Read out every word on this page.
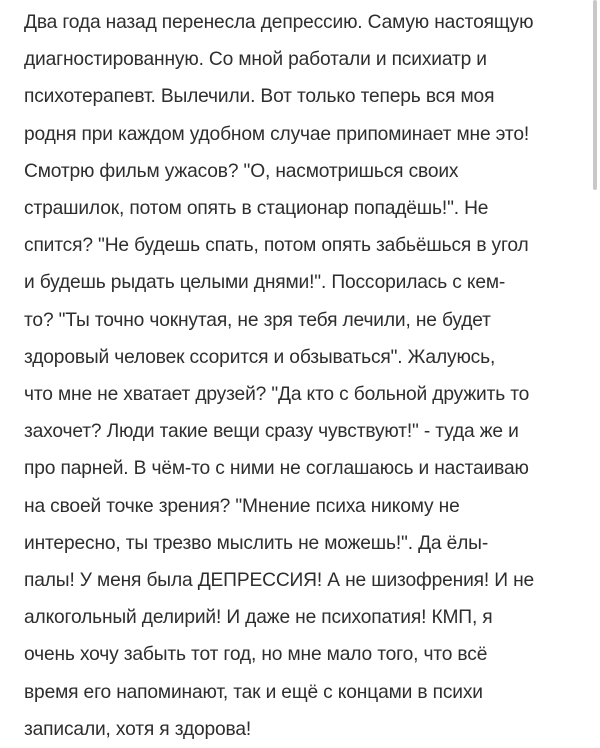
Два года назад перенесла депрессию. Самую настоящую

диагностированную. Со мной работали и психиатр и

психотерапевт. Вылечили. Вот только теперь вся моя

родня при каждом удобном случае припоминает мне это!

Смотрю фильм ужасов? "О, насмотришься своих

страшилок, потом опять в стационар попадёшь!". Не

спится? "Не будешь спать, потом опять забьёшься в угол

и будешь рыдать целыми днями!". Поссорилась с кем-

то? "Ты точно чокнутая, не зря тебя лечили, не будет

здоровый человек ссорится и обзываться". Жалуюсь,

что мне не хватает друзей? "Да кто с больной дружить то

захочет? Люди такие вещи сразу чувствуют!" - туда же и

про парней. В чём-то с ними не соглашаюсь и настаиваю

на своей точке зрения? "Мнение психа никому не

интересно, ты трезво мыслить не можешь!". Да ёлы-

палы! У меня была ДЕПРЕССИЯ! А не шизофрения! И не

алкогольный делирий! И даже не психопатия! КМП, я

очень хочу забыть тот год, но мне мало того, что всё

время его напоминают, так и ещё с концами в психи

записали, хотя я здорова!
